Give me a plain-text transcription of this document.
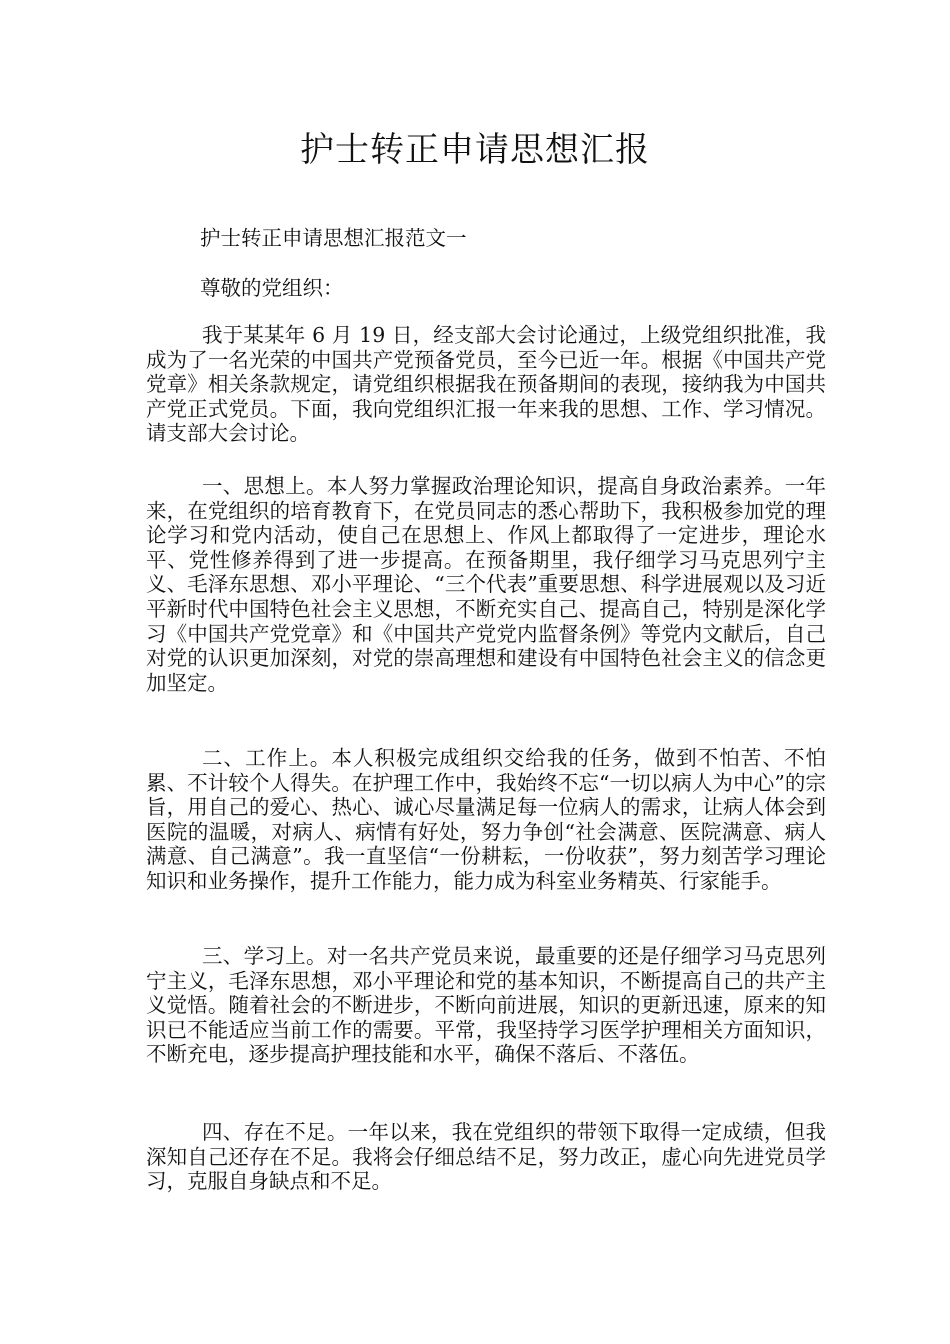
护士转正申请思想汇报

护士转正申请思想汇报范文一

尊敬的党组织：

我于某某年 6 月 19 日，经支部大会讨论通过，上级党组织批准，我成为了一名光荣的中国共产党预备党员，至今已近一年。根据《中国共产党党章》相关条款规定，请党组织根据我在预备期间的表现，接纳我为中国共产党正式党员。下面，我向党组织汇报一年来我的思想、工作、学习情况。请支部大会讨论。

一、思想上。本人努力掌握政治理论知识，提高自身政治素养。一年来，在党组织的培育教育下，在党员同志的悉心帮助下，我积极参加党的理论学习和党内活动，使自己在思想上、作风上都取得了一定进步，理论水平、党性修养得到了进一步提高。在预备期里，我仔细学习马克思列宁主义、毛泽东思想、邓小平理论、“三个代表”重要思想、科学进展观以及习近平新时代中国特色社会主义思想，不断充实自己、提高自己，特别是深化学习《中国共产党党章》和《中国共产党党内监督条例》等党内文献后，自己对党的认识更加深刻，对党的崇高理想和建设有中国特色社会主义的信念更加坚定。

二、工作上。本人积极完成组织交给我的任务，做到不怕苦、不怕累、不计较个人得失。在护理工作中，我始终不忘“一切以病人为中心”的宗旨，用自己的爱心、热心、诚心尽量满足每一位病人的需求，让病人体会到医院的温暖，对病人、病情有好处，努力争创“社会满意、医院满意、病人满意、自己满意”。我一直坚信“一份耕耘，一份收获”，努力刻苦学习理论知识和业务操作，提升工作能力，能力成为科室业务精英、行家能手。

三、学习上。对一名共产党员来说，最重要的还是仔细学习马克思列宁主义，毛泽东思想，邓小平理论和党的基本知识，不断提高自己的共产主义觉悟。随着社会的不断进步，不断向前进展，知识的更新迅速，原来的知识已不能适应当前工作的需要。平常，我坚持学习医学护理相关方面知识，不断充电，逐步提高护理技能和水平，确保不落后、不落伍。

四、存在不足。一年以来，我在党组织的带领下取得一定成绩，但我深知自己还存在不足。我将会仔细总结不足，努力改正，虚心向先进党员学习，克服自身缺点和不足。
